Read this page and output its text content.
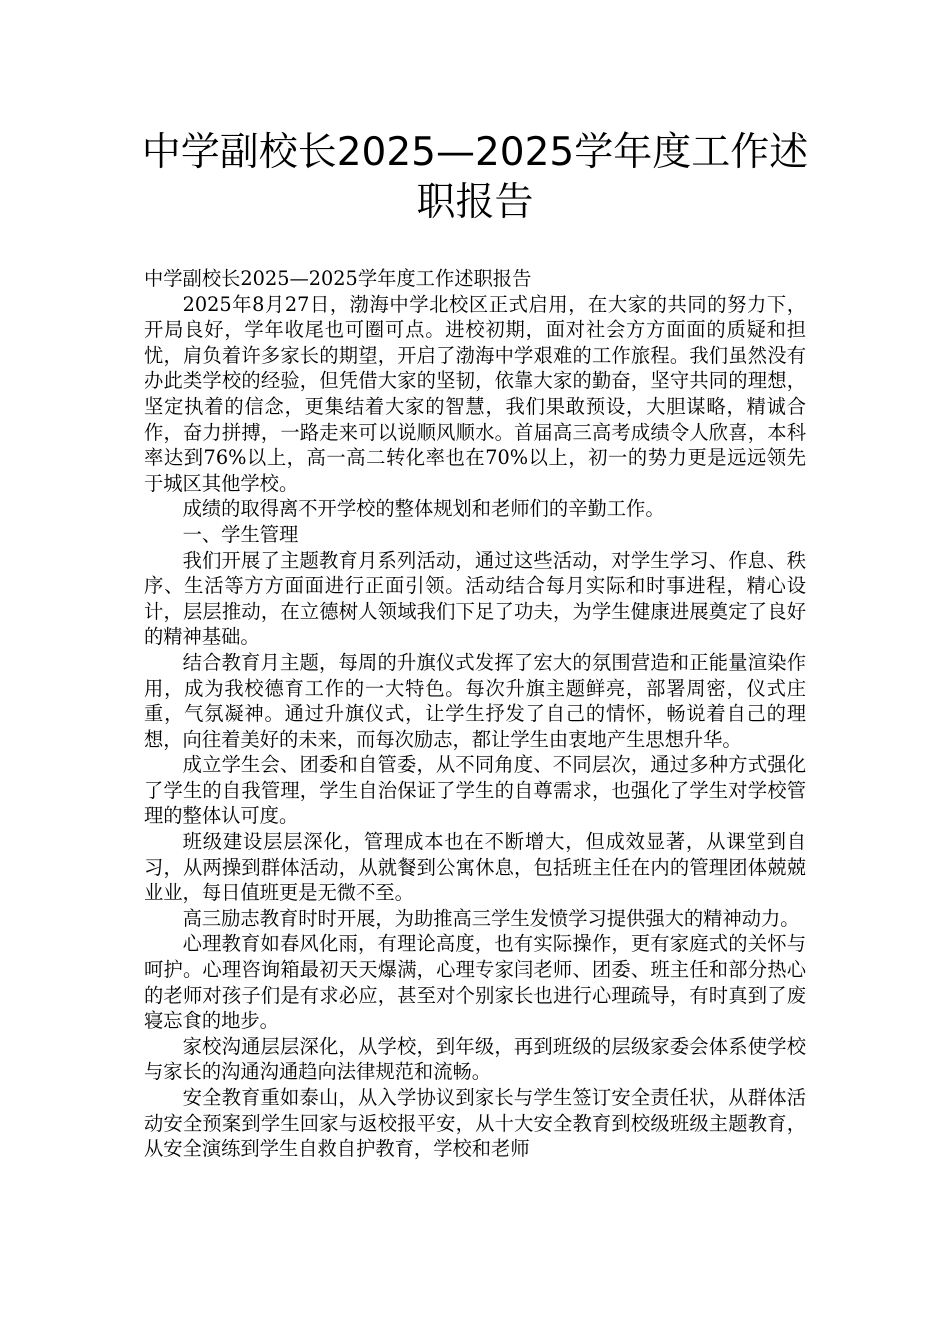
中学副校长2025—2025学年度工作述
职报告

中学副校长2025—2025学年度工作述职报告

2025年8月27日，渤海中学北校区正式启用，在大家的共同的努力下，开局良好，学年收尾也可圈可点。进校初期，面对社会方方面面的质疑和担忧，肩负着许多家长的期望，开启了渤海中学艰难的工作旅程。我们虽然没有办此类学校的经验，但凭借大家的坚韧，依靠大家的勤奋，坚守共同的理想，坚定执着的信念，更集结着大家的智慧，我们果敢预设，大胆谋略，精诚合作，奋力拼搏，一路走来可以说顺风顺水。首届高三高考成绩令人欣喜，本科率达到76%以上，高一高二转化率也在70%以上，初一的势力更是远远领先于城区其他学校。

成绩的取得离不开学校的整体规划和老师们的辛勤工作。

一、学生管理

我们开展了主题教育月系列活动，通过这些活动，对学生学习、作息、秩序、生活等方方面面进行正面引领。活动结合每月实际和时事进程，精心设计，层层推动，在立德树人领域我们下足了功夫，为学生健康进展奠定了良好的精神基础。

结合教育月主题，每周的升旗仪式发挥了宏大的氛围营造和正能量渲染作用，成为我校德育工作的一大特色。每次升旗主题鲜亮，部署周密，仪式庄重，气氛凝神。通过升旗仪式，让学生抒发了自己的情怀，畅说着自己的理想，向往着美好的未来，而每次励志，都让学生由衷地产生思想升华。

成立学生会、团委和自管委，从不同角度、不同层次，通过多种方式强化了学生的自我管理，学生自治保证了学生的自尊需求，也强化了学生对学校管理的整体认可度。

班级建设层层深化，管理成本也在不断增大，但成效显著，从课堂到自习，从两操到群体活动，从就餐到公寓休息，包括班主任在内的管理团体兢兢业业，每日值班更是无微不至。

高三励志教育时时开展，为助推高三学生发愤学习提供强大的精神动力。

心理教育如春风化雨，有理论高度，也有实际操作，更有家庭式的关怀与呵护。心理咨询箱最初天天爆满，心理专家闫老师、团委、班主任和部分热心的老师对孩子们是有求必应，甚至对个别家长也进行心理疏导，有时真到了废寝忘食的地步。

家校沟通层层深化，从学校，到年级，再到班级的层级家委会体系使学校与家长的沟通沟通趋向法律规范和流畅。

安全教育重如泰山，从入学协议到家长与学生签订安全责任状，从群体活动安全预案到学生回家与返校报平安，从十大安全教育到校级班级主题教育，从安全演练到学生自救自护教育，学校和老师
